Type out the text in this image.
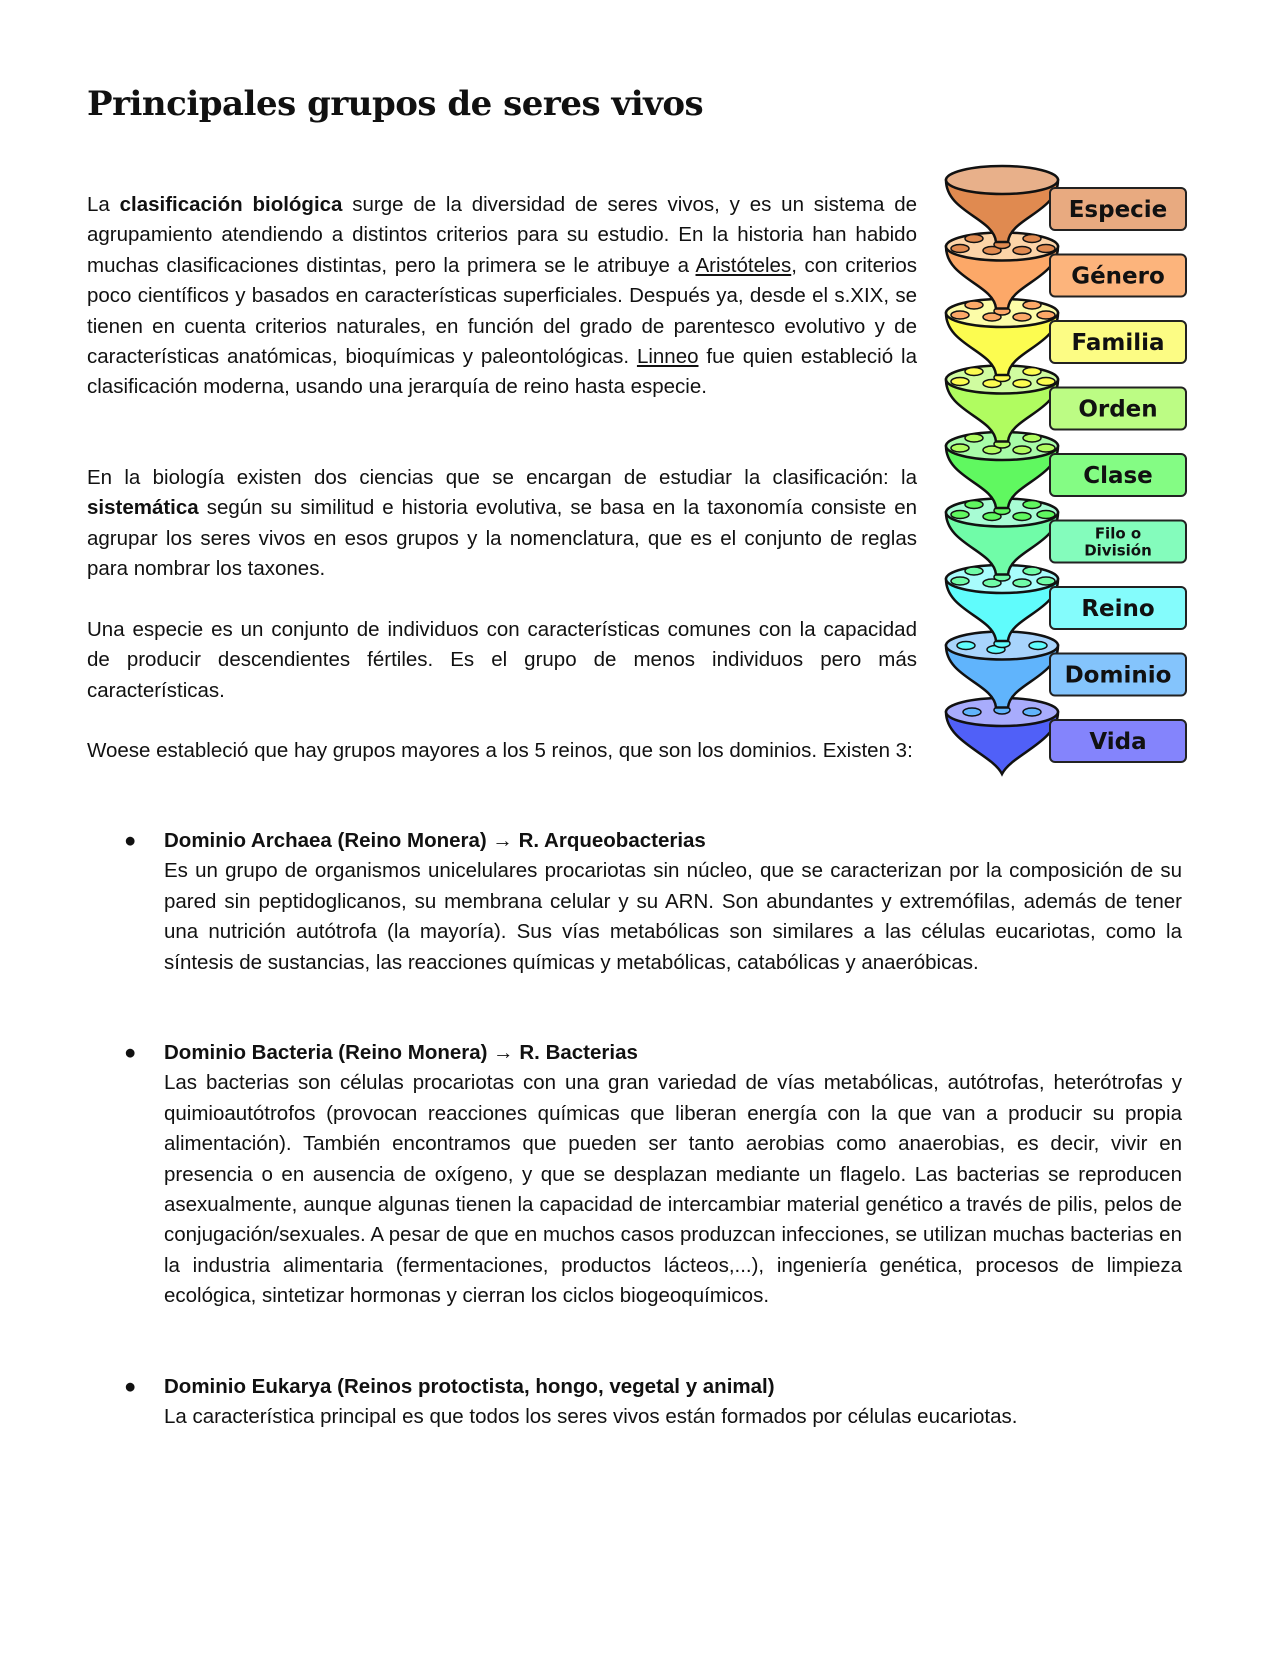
Principales grupos de seres vivos

La clasificación biológica surge de la diversidad de seres vivos, y es un sistema de agrupamiento atendiendo a distintos criterios para su estudio. En la historia han habido muchas clasificaciones distintas, pero la primera se le atribuye a Aristóteles, con criterios poco científicos y basados en características superficiales. Después ya, desde el s.XIX, se tienen en cuenta criterios naturales, en función del grado de parentesco evolutivo y de características anatómicas, bioquímicas y paleontológicas. Linneo fue quien estableció la clasificación moderna, usando una jerarquía de reino hasta especie.

En la biología existen dos ciencias que se encargan de estudiar la clasificación: la sistemática según su similitud e historia evolutiva, se basa en la taxonomía consiste en agrupar los seres vivos en esos grupos y la nomenclatura, que es el conjunto de reglas para nombrar los taxones.

Una especie es un conjunto de individuos con características comunes con la capacidad de producir descendientes fértiles. Es el grupo de menos individuos pero más características.

Woese estableció que hay grupos mayores a los 5 reinos, que son los dominios. Existen 3:

●	Dominio Archaea (Reino Monera) → R. Arqueobacterias
Es un grupo de organismos unicelulares procariotas sin núcleo, que se caracterizan por la composición de su pared sin peptidoglicanos, su membrana celular y su ARN. Son abundantes y extremófilas, además de tener una nutrición autótrofa (la mayoría). Sus vías metabólicas son similares a las células eucariotas, como la síntesis de sustancias, las reacciones químicas y metabólicas, catabólicas y anaeróbicas.
●	Dominio Bacteria (Reino Monera) → R. Bacterias
Las bacterias son células procariotas con una gran variedad de vías metabólicas, autótrofas, heterótrofas y quimioautótrofos (provocan reacciones químicas que liberan energía con la que van a producir su propia alimentación). También encontramos que pueden ser tanto aerobias como anaerobias, es decir, vivir en presencia o en ausencia de oxígeno, y que se desplazan mediante un flagelo. Las bacterias se reproducen asexualmente, aunque algunas tienen la capacidad de intercambiar material genético a través de pilis, pelos de conjugación/sexuales. A pesar de que en muchos casos produzcan infecciones, se utilizan muchas bacterias en la industria alimentaria (fermentaciones, productos lácteos,...), ingeniería genética, procesos de limpieza ecológica, sintetizar hormonas y cierran los ciclos biogeoquímicos.
●	Dominio Eukarya (Reinos protoctista, hongo, vegetal y animal)
La característica principal es que todos los seres vivos están formados por células eucariotas.
Vida
Dominio
Reino
Filo o
División
Clase
Orden
Familia
Género
Especie
